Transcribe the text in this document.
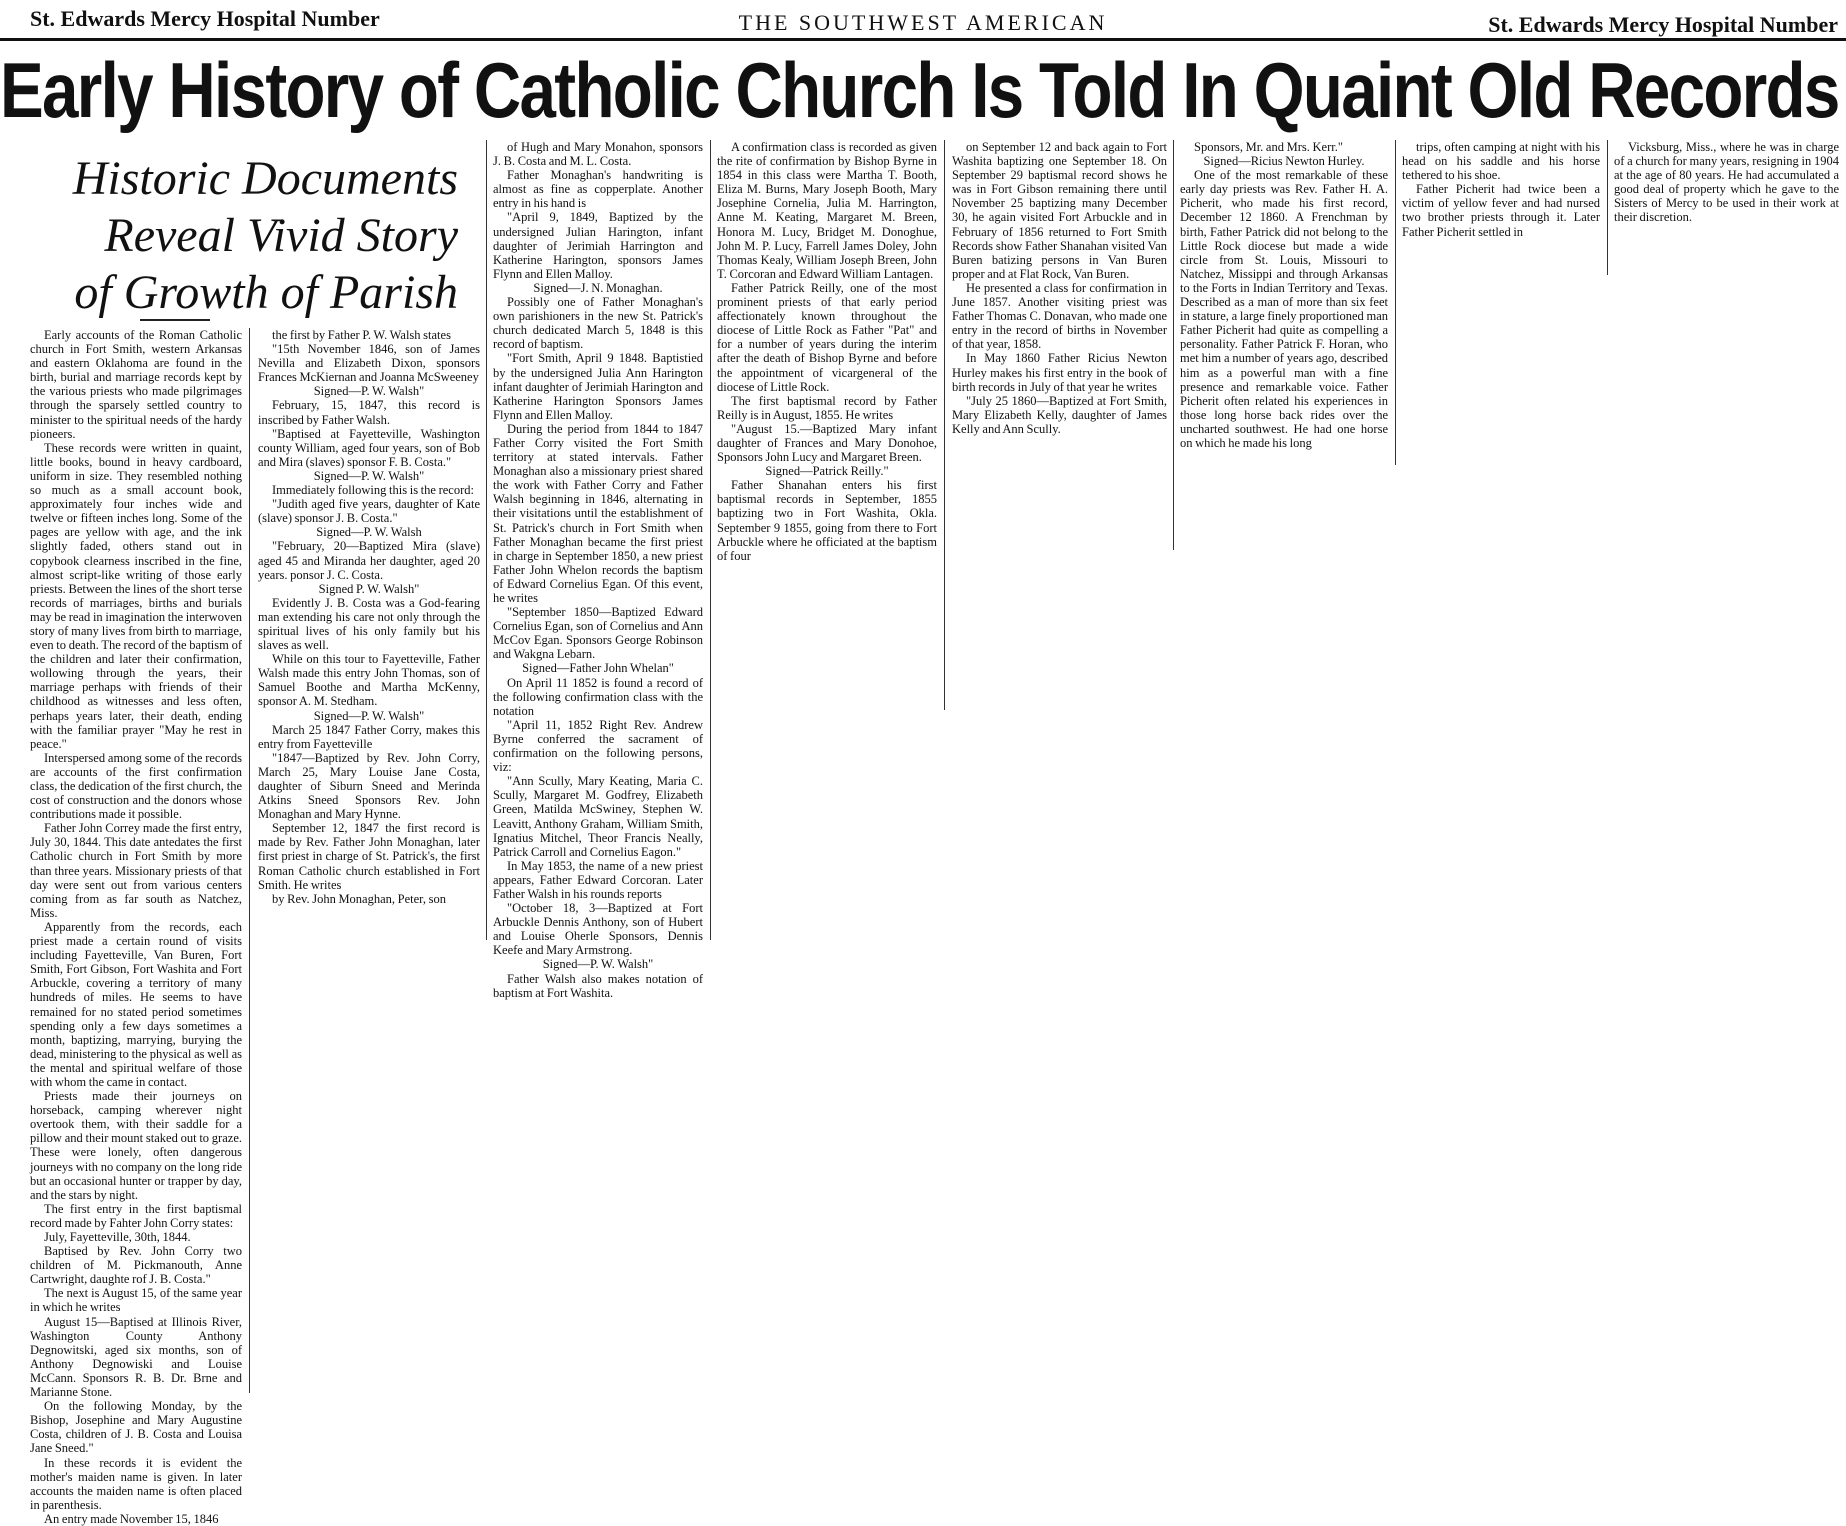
St. Edwards Mercy Hospital Number	THE SOUTHWEST AMERICAN	St. Edwards Mercy Hospital Number
Early History of Catholic Church Is Told In Quaint Old Records
Historic Documents
Reveal Vivid Story
of Growth of Parish

Early accounts of the Roman Catholic church in Fort Smith, western Arkansas and eastern Oklahoma are found in the birth, burial and marriage records kept by the various priests who made pilgrimages through the sparsely settled country to minister to the spiritual needs of the hardy pioneers.

These records were written in quaint, little books, bound in heavy cardboard, uniform in size. They resembled nothing so much as a small account book, approximately four inches wide and twelve or fifteen inches long. Some of the pages are yellow with age, and the ink slightly faded, others stand out in copybook clearness inscribed in the fine, almost script-like writing of those early priests. Between the lines of the short terse records of marriages, births and burials may be read in imagination the interwoven story of many lives from birth to marriage, even to death. The record of the baptism of the children and later their confirmation, wollowing through the years, their marriage perhaps with friends of their childhood as witnesses and less often, perhaps years later, their death, ending with the familiar prayer "May he rest in peace."

Interspersed among some of the records are accounts of the first confirmation class, the dedication of the first church, the cost of construction and the donors whose contributions made it possible.

Father John Correy made the first entry, July 30, 1844. This date antedates the first Catholic church in Fort Smith by more than three years. Missionary priests of that day were sent out from various centers coming from as far south as Natchez, Miss.

Apparently from the records, each priest made a certain round of visits including Fayetteville, Van Buren, Fort Smith, Fort Gibson, Fort Washita and Fort Arbuckle, covering a territory of many hundreds of miles. He seems to have remained for no stated period sometimes spending only a few days sometimes a month, baptizing, marrying, burying the dead, ministering to the physical as well as the mental and spiritual welfare of those with whom the came in contact.

Priests made their journeys on horseback, camping wherever night overtook them, with their saddle for a pillow and their mount staked out to graze. These were lonely, often dangerous journeys with no company on the long ride but an occasional hunter or trapper by day, and the stars by night.

The first entry in the first baptismal record made by Fahter John Corry states:

July, Fayetteville, 30th, 1844.

Baptised by Rev. John Corry two children of M. Pickmanouth, Anne Cartwright, daughte rof J. B. Costa."

The next is August 15, of the same year in which he writes

August 15—Baptised at Illinois River, Washington County Anthony Degnowitski, aged six months, son of Anthony Degnowiski and Louise McCann. Sponsors R. B. Dr. Brne and Marianne Stone.

On the following Monday, by the Bishop, Josephine and Mary Augustine Costa, children of J. B. Costa and Louisa Jane Sneed."

In these records it is evident the mother's maiden name is given. In later accounts the maiden name is often placed in parenthesis.

An entry made November 15, 1846

the first by Father P. W. Walsh states

"15th November 1846, son of James Nevilla and Elizabeth Dixon, sponsors Frances McKiernan and Joanna McSweeney

Signed—P. W. Walsh"

February, 15, 1847, this record is inscribed by Father Walsh.

"Baptised at Fayetteville, Washington county William, aged four years, son of Bob and Mira (slaves) sponsor F. B. Costa."

Signed—P. W. Walsh"

Immediately following this is the record:

"Judith aged five years, daughter of Kate (slave) sponsor J. B. Costa."

Signed—P. W. Walsh

"February, 20—Baptized Mira (slave) aged 45 and Miranda her daughter, aged 20 years. ponsor J. C. Costa.

Signed P. W. Walsh"

Evidently J. B. Costa was a God-fearing man extending his care not only through the spiritual lives of his only family but his slaves as well.

While on this tour to Fayetteville, Father Walsh made this entry John Thomas, son of Samuel Boothe and Martha McKenny, sponsor A. M. Stedham.

Signed—P. W. Walsh"

March 25 1847 Father Corry, makes this entry from Fayetteville

"1847—Baptized by Rev. John Corry, March 25, Mary Louise Jane Costa, daughter of Siburn Sneed and Merinda Atkins Sneed Sponsors Rev. John Monaghan and Mary Hynne.

September 12, 1847 the first record is made by Rev. Father John Monaghan, later first priest in charge of St. Patrick's, the first Roman Catholic church established in Fort Smith. He writes

by Rev. John Monaghan, Peter, son

of Hugh and Mary Monahon, sponsors J. B. Costa and M. L. Costa.

Father Monaghan's handwriting is almost as fine as copperplate. Another entry in his hand is

"April 9, 1849, Baptized by the undersigned Julian Harington, infant daughter of Jerimiah Harrington and Katherine Harington, sponsors James Flynn and Ellen Malloy.

Signed—J. N. Monaghan.

Possibly one of Father Monaghan's own parishioners in the new St. Patrick's church dedicated March 5, 1848 is this record of baptism.

"Fort Smith, April 9 1848. Baptistied by the undersigned Julia Ann Harington infant daughter of Jerimiah Harington and Katherine Harington Sponsors James Flynn and Ellen Malloy.

During the period from 1844 to 1847 Father Corry visited the Fort Smith territory at stated intervals. Father Monaghan also a missionary priest shared the work with Father Corry and Father Walsh beginning in 1846, alternating in their visitations until the establishment of St. Patrick's church in Fort Smith when Father Monaghan became the first priest in charge in September 1850, a new priest Father John Whelon records the baptism of Edward Cornelius Egan. Of this event, he writes

"September 1850—Baptized Edward Cornelius Egan, son of Cornelius and Ann McCov Egan. Sponsors George Robinson and Wakgna Lebarn.

Signed—Father John Whelan"

On April 11 1852 is found a record of the following confirmation class with the notation

"April 11, 1852 Right Rev. Andrew Byrne conferred the sacrament of confirmation on the following persons, viz:

"Ann Scully, Mary Keating, Maria C. Scully, Margaret M. Godfrey, Elizabeth Green, Matilda McSwiney, Stephen W. Leavitt, Anthony Graham, William Smith, Ignatius Mitchel, Theor Francis Neally, Patrick Carroll and Cornelius Eagon."

In May 1853, the name of a new priest appears, Father Edward Corcoran. Later Father Walsh in his rounds reports

"October 18, 3—Baptized at Fort Arbuckle Dennis Anthony, son of Hubert and Louise Oherle Sponsors, Dennis Keefe and Mary Armstrong.

Signed—P. W. Walsh"

Father Walsh also makes notation of baptism at Fort Washita.

A confirmation class is recorded as given the rite of confirmation by Bishop Byrne in 1854 in this class were Martha T. Booth, Eliza M. Burns, Mary Joseph Booth, Mary Josephine Cornelia, Julia M. Harrington, Anne M. Keating, Margaret M. Breen, Honora M. Lucy, Bridget M. Donoghue, John M. P. Lucy, Farrell James Doley, John Thomas Kealy, William Joseph Breen, John T. Corcoran and Edward William Lantagen.

Father Patrick Reilly, one of the most prominent priests of that early period affectionately known throughout the diocese of Little Rock as Father "Pat" and for a number of years during the interim after the death of Bishop Byrne and before the appointment of vicargeneral of the diocese of Little Rock.

The first baptismal record by Father Reilly is in August, 1855. He writes

"August 15.—Baptized Mary infant daughter of Frances and Mary Donohoe, Sponsors John Lucy and Margaret Breen.

Signed—Patrick Reilly."

Father Shanahan enters his first baptismal records in September, 1855 baptizing two in Fort Washita, Okla. September 9 1855, going from there to Fort Arbuckle where he officiated at the baptism of four

on September 12 and back again to Fort Washita baptizing one September 18. On September 29 baptismal record shows he was in Fort Gibson remaining there until November 25 baptizing many December 30, he again visited Fort Arbuckle and in February of 1856 returned to Fort Smith Records show Father Shanahan visited Van Buren batizing persons in Van Buren proper and at Flat Rock, Van Buren.

He presented a class for confirmation in June 1857. Another visiting priest was Father Thomas C. Donavan, who made one entry in the record of births in November of that year, 1858.

In May 1860 Father Ricius Newton Hurley makes his first entry in the book of birth records in July of that year he writes

"July 25 1860—Baptized at Fort Smith, Mary Elizabeth Kelly, daughter of James Kelly and Ann Scully.

Sponsors, Mr. and Mrs. Kerr."

Signed—Ricius Newton Hurley.

One of the most remarkable of these early day priests was Rev. Father H. A. Picherit, who made his first record, December 12 1860. A Frenchman by birth, Father Patrick did not belong to the Little Rock diocese but made a wide circle from St. Louis, Missouri to Natchez, Missippi and through Arkansas to the Forts in Indian Territory and Texas. Described as a man of more than six feet in stature, a large finely proportioned man Father Picherit had quite as compelling a personality. Father Patrick F. Horan, who met him a number of years ago, described him as a powerful man with a fine presence and remarkable voice. Father Picherit often related his experiences in those long horse back rides over the uncharted southwest. He had one horse on which he made his long

trips, often camping at night with his head on his saddle and his horse tethered to his shoe.

Father Picherit had twice been a victim of yellow fever and had nursed two brother priests through it. Later Father Picherit settled in

Vicksburg, Miss., where he was in charge of a church for many years, resigning in 1904 at the age of 80 years. He had accumulated a good deal of property which he gave to the Sisters of Mercy to be used in their work at their discretion.
